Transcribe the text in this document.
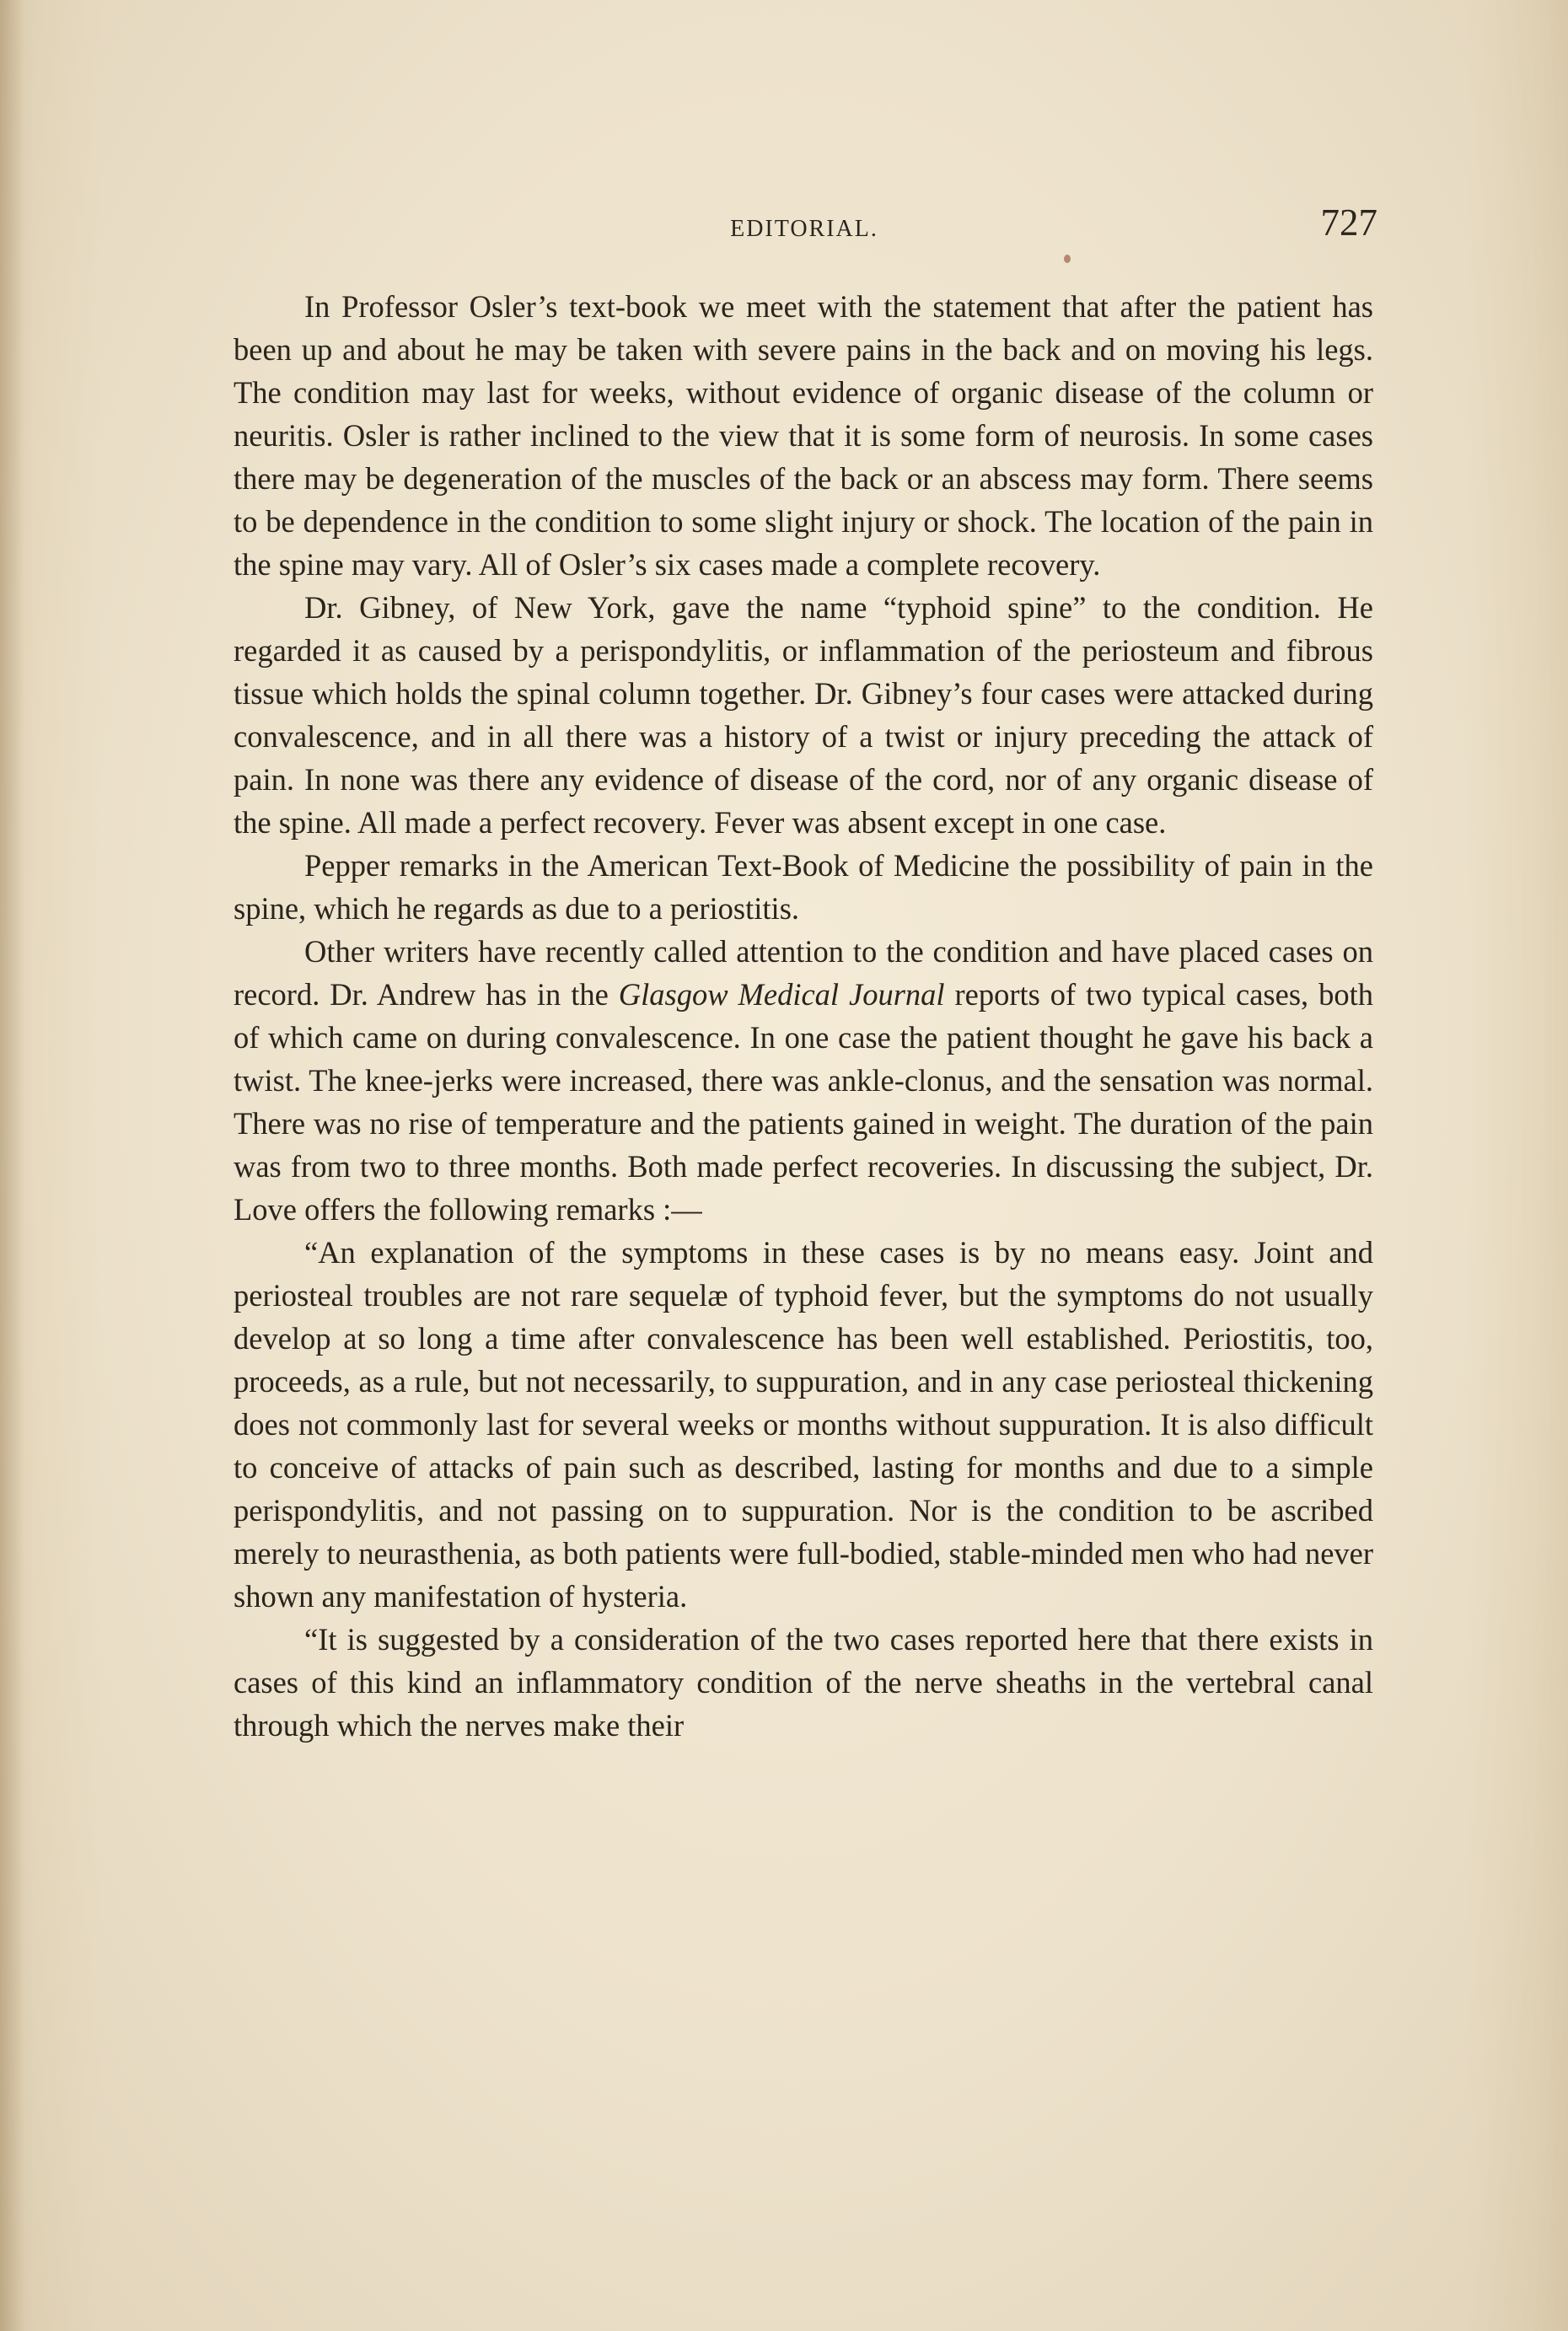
EDITORIAL.	727

In Professor Osler’s text-book we meet with the statement that after the patient has been up and about he may be taken with severe pains in the back and on moving his legs. The condition may last for weeks, without evidence of organic disease of the column or neuritis. Osler is rather inclined to the view that it is some form of neurosis. In some cases there may be degeneration of the muscles of the back or an abscess may form. There seems to be dependence in the condition to some slight injury or shock. The location of the pain in the spine may vary. All of Osler’s six cases made a complete recovery.

Dr. Gibney, of New York, gave the name “typhoid spine” to the condition. He regarded it as caused by a perispondylitis, or inflammation of the periosteum and fibrous tissue which holds the spinal column together. Dr. Gibney’s four cases were attacked during convalescence, and in all there was a history of a twist or injury preceding the attack of pain. In none was there any evidence of disease of the cord, nor of any organic disease of the spine. All made a perfect recovery. Fever was absent except in one case.

Pepper remarks in the American Text-Book of Medicine the possibility of pain in the spine, which he regards as due to a periostitis.

Other writers have recently called attention to the condition and have placed cases on record. Dr. Andrew has in the Glasgow Medical Journal reports of two typical cases, both of which came on during convalescence. In one case the patient thought he gave his back a twist. The knee-jerks were increased, there was ankle-clonus, and the sensation was normal. There was no rise of temperature and the patients gained in weight. The duration of the pain was from two to three months. Both made perfect recoveries. In discussing the subject, Dr. Love offers the following remarks :—

“An explanation of the symptoms in these cases is by no means easy. Joint and periosteal troubles are not rare sequelæ of typhoid fever, but the symptoms do not usually develop at so long a time after convalescence has been well established. Periostitis, too, proceeds, as a rule, but not necessarily, to suppuration, and in any case periosteal thickening does not commonly last for several weeks or months without suppuration. It is also difficult to conceive of attacks of pain such as described, lasting for months and due to a simple perispondylitis, and not passing on to suppuration. Nor is the condition to be ascribed merely to neurasthenia, as both patients were full-bodied, stable-minded men who had never shown any manifestation of hysteria.

“It is suggested by a consideration of the two cases reported here that there exists in cases of this kind an inflammatory condition of the nerve sheaths in the vertebral canal through which the nerves make their
